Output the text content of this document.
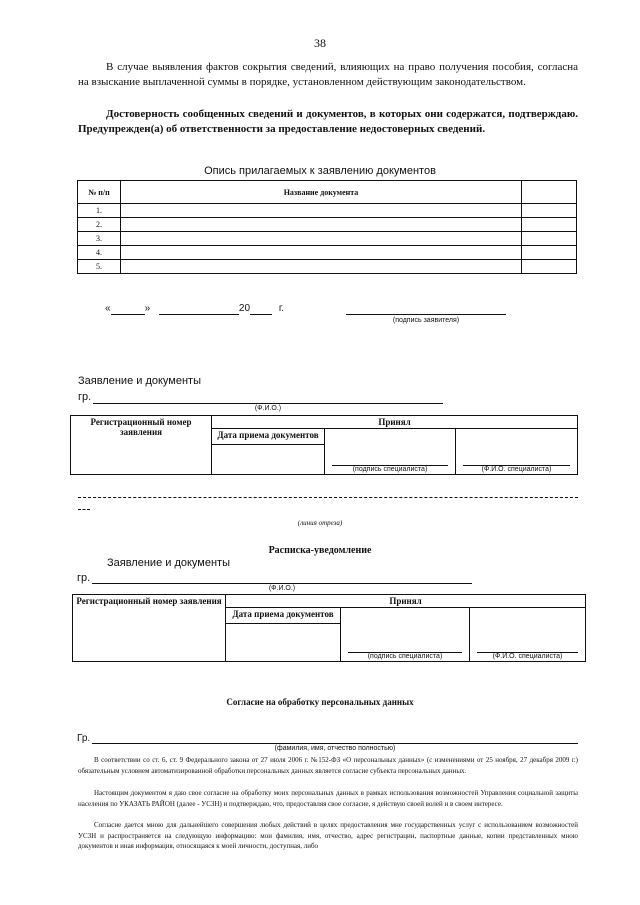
38
В случае выявления фактов сокрытия сведений, влияющих на право получения пособия, согласна на взыскание выплаченной суммы в порядке, установленном действующим законодательством.
Достоверность сообщенных сведений и документов, в которых они содержатся, подтверждаю. Предупрежден(а) об ответственности за предоставление недостоверных сведений.
Опись прилагаемых к заявлению документов
№ п/п	Название документа	
1.		
2.		
3.		
4.		
5.		
«	»	20	г.
(подпись заявителя)
Заявление и документы
гр.
(Ф.И.О.)
Регистрационный номер заявления	Принял		

	Дата приема документов	(подпись специалиста)	(Ф.И.О. специалиста)
(линия отреза)
Расписка-уведомление
Заявление и документы
гр.
(Ф.И.О.)
Регистрационный номер заявления	Принял		

	Дата приема документов	(подпись специалиста)	(Ф.И.О. специалиста)
Согласие на обработку персональных данных
Гр.
(фамилия, имя, отчество полностью)
В соответствии со ст. 6, ст. 9 Федерального закона от 27 июля 2006 г. №152-ФЗ «О персональных данных» (с изменениями от 25 ноября, 27 декабря 2009 г.) обязательным условием автоматизированной обработки персональных данных является согласие субъекта персональных данных.
Настоящим документом я даю свое согласие на обработку моих персональных данных в рамках использования возможностей Управления социальной защиты населения по УКАЗАТЬ РАЙОН (далее - УСЗН) и подтверждаю, что, предоставляя свое согласие, я действую своей волей и в своем интересе.
Согласие дается мною для дальнейшего совершения любых действий в целях предоставления мне государственных услуг с использованием возможностей УСЗН и распространяется на следующую информацию: мои фамилия, имя, отчество, адрес регистрации, паспортные данные, копии представленных мною документов и иная информация, относящаяся к моей личности, доступная, либо
